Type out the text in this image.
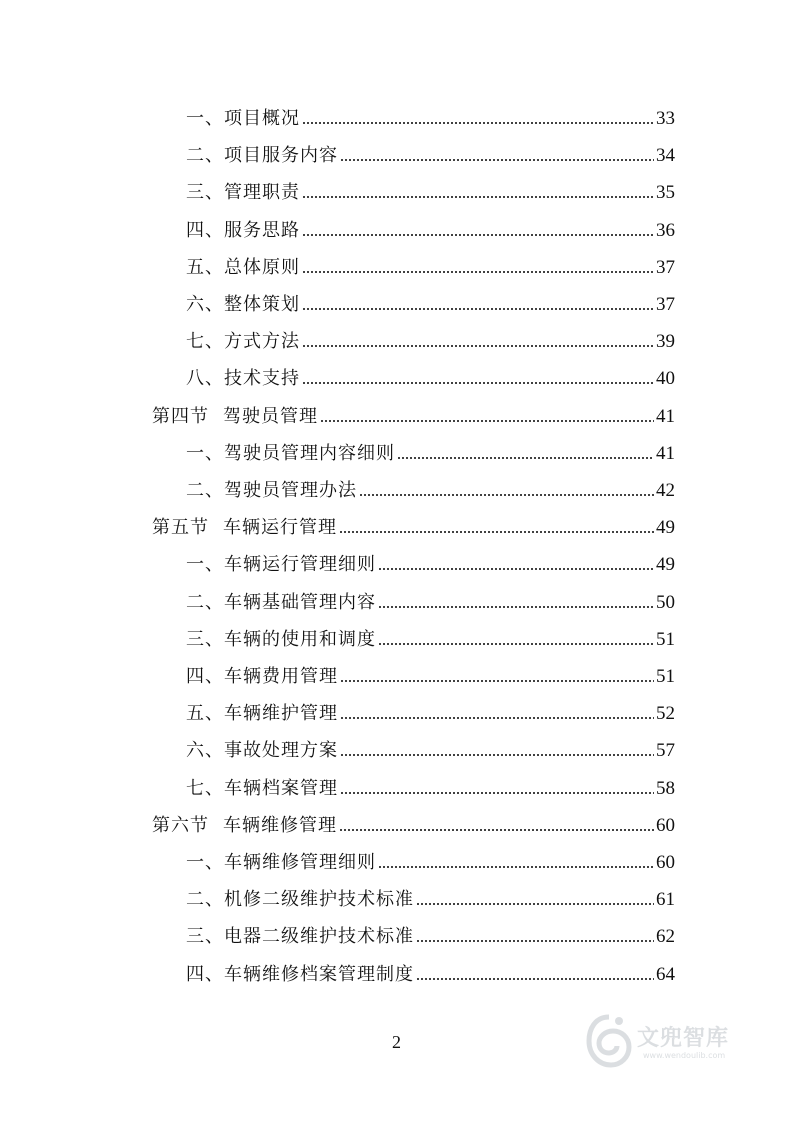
一、项目概况	33
二、项目服务内容	34
三、管理职责	35
四、服务思路	36
五、总体原则	37
六、整体策划	37
七、方式方法	39
八、技术支持	40
第四节 驾驶员管理	41
一、驾驶员管理内容细则	41
二、驾驶员管理办法	42
第五节 车辆运行管理	49
一、车辆运行管理细则	49
二、车辆基础管理内容	50
三、车辆的使用和调度	51
四、车辆费用管理	51
五、车辆维护管理	52
六、事故处理方案	57
七、车辆档案管理	58
第六节 车辆维修管理	60
一、车辆维修管理细则	60
二、机修二级维护技术标准	61
三、电器二级维护技术标准	62
四、车辆维修档案管理制度	64
2	文兜智库
www.wendoulib.com
